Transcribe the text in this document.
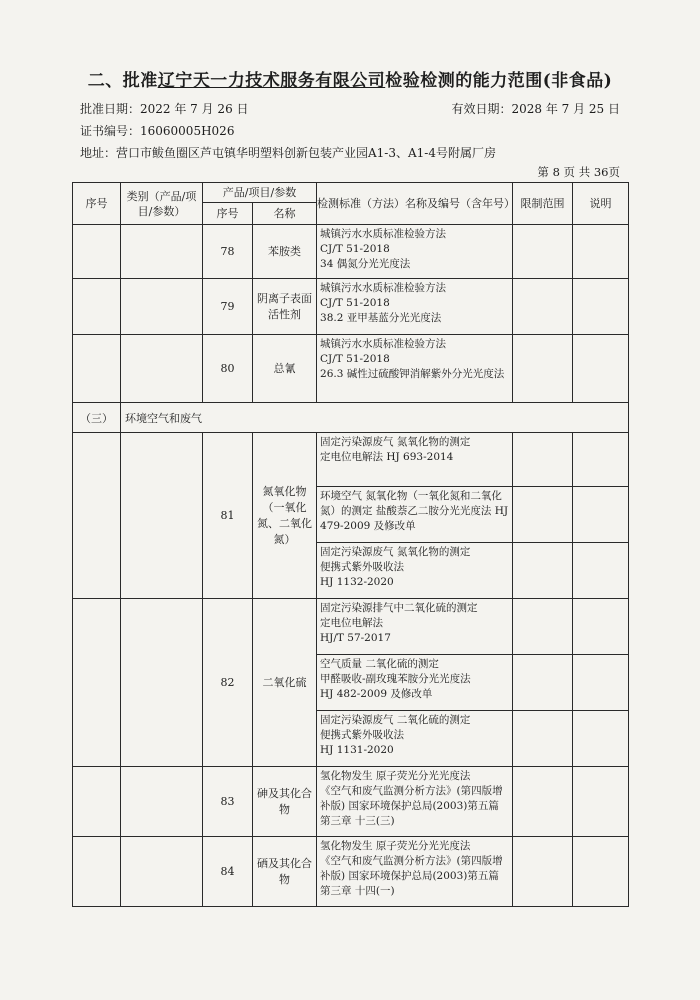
二、批准辽宁天一力技术服务有限公司检验检测的能力范围(非食品)
批准日期：2022 年 7 月 26 日	有效日期：2028 年 7 月 25 日
证书编号：16060005H026
地址：营口市鲅鱼圈区芦屯镇华明塑料创新包装产业园A1-3、A1-4号附属厂房
第 8 页 共 36页
序号	类别（产品/项目/参数）	产品/项目/参数		检测标准（方法）名称及编号（含年号）	限制范围	说明
		序号	名称			
		78	苯胺类	城镇污水水质标准检验方法
CJ/T 51-2018
34 偶氮分光光度法		
		79	阴离子表面活性剂	城镇污水水质标准检验方法
CJ/T 51-2018
38.2 亚甲基蓝分光光度法		
		80	总氰	城镇污水水质标准检验方法
CJ/T 51-2018
26.3 碱性过硫酸钾消解紫外分光光度法		
（三）	环境空气和废气					
		81	氮氧化物（一氧化氮、二氧化氮）	固定污染源废气 氮氧化物的测定
定电位电解法 HJ 693-2014		
				环境空气 氮氧化物（一氧化氮和二氧化氮）的测定 盐酸萘乙二胺分光光度法 HJ 479-2009 及修改单		
				固定污染源废气 氮氧化物的测定
便携式紫外吸收法
HJ 1132-2020		
		82	二氧化硫	固定污染源排气中二氧化硫的测定
定电位电解法
HJ/T 57-2017		
				空气质量 二氧化硫的测定
甲醛吸收-副玫瑰苯胺分光光度法
HJ 482-2009 及修改单		
				固定污染源废气 二氧化硫的测定
便携式紫外吸收法
HJ 1131-2020		
		83	砷及其化合物	氢化物发生 原子荧光分光光度法
《空气和废气监测分析方法》(第四版增补版) 国家环境保护总局(2003)第五篇 第三章 十三(三)		
		84	硒及其化合物	氢化物发生 原子荧光分光光度法
《空气和废气监测分析方法》(第四版增补版) 国家环境保护总局(2003)第五篇 第三章 十四(一)		
